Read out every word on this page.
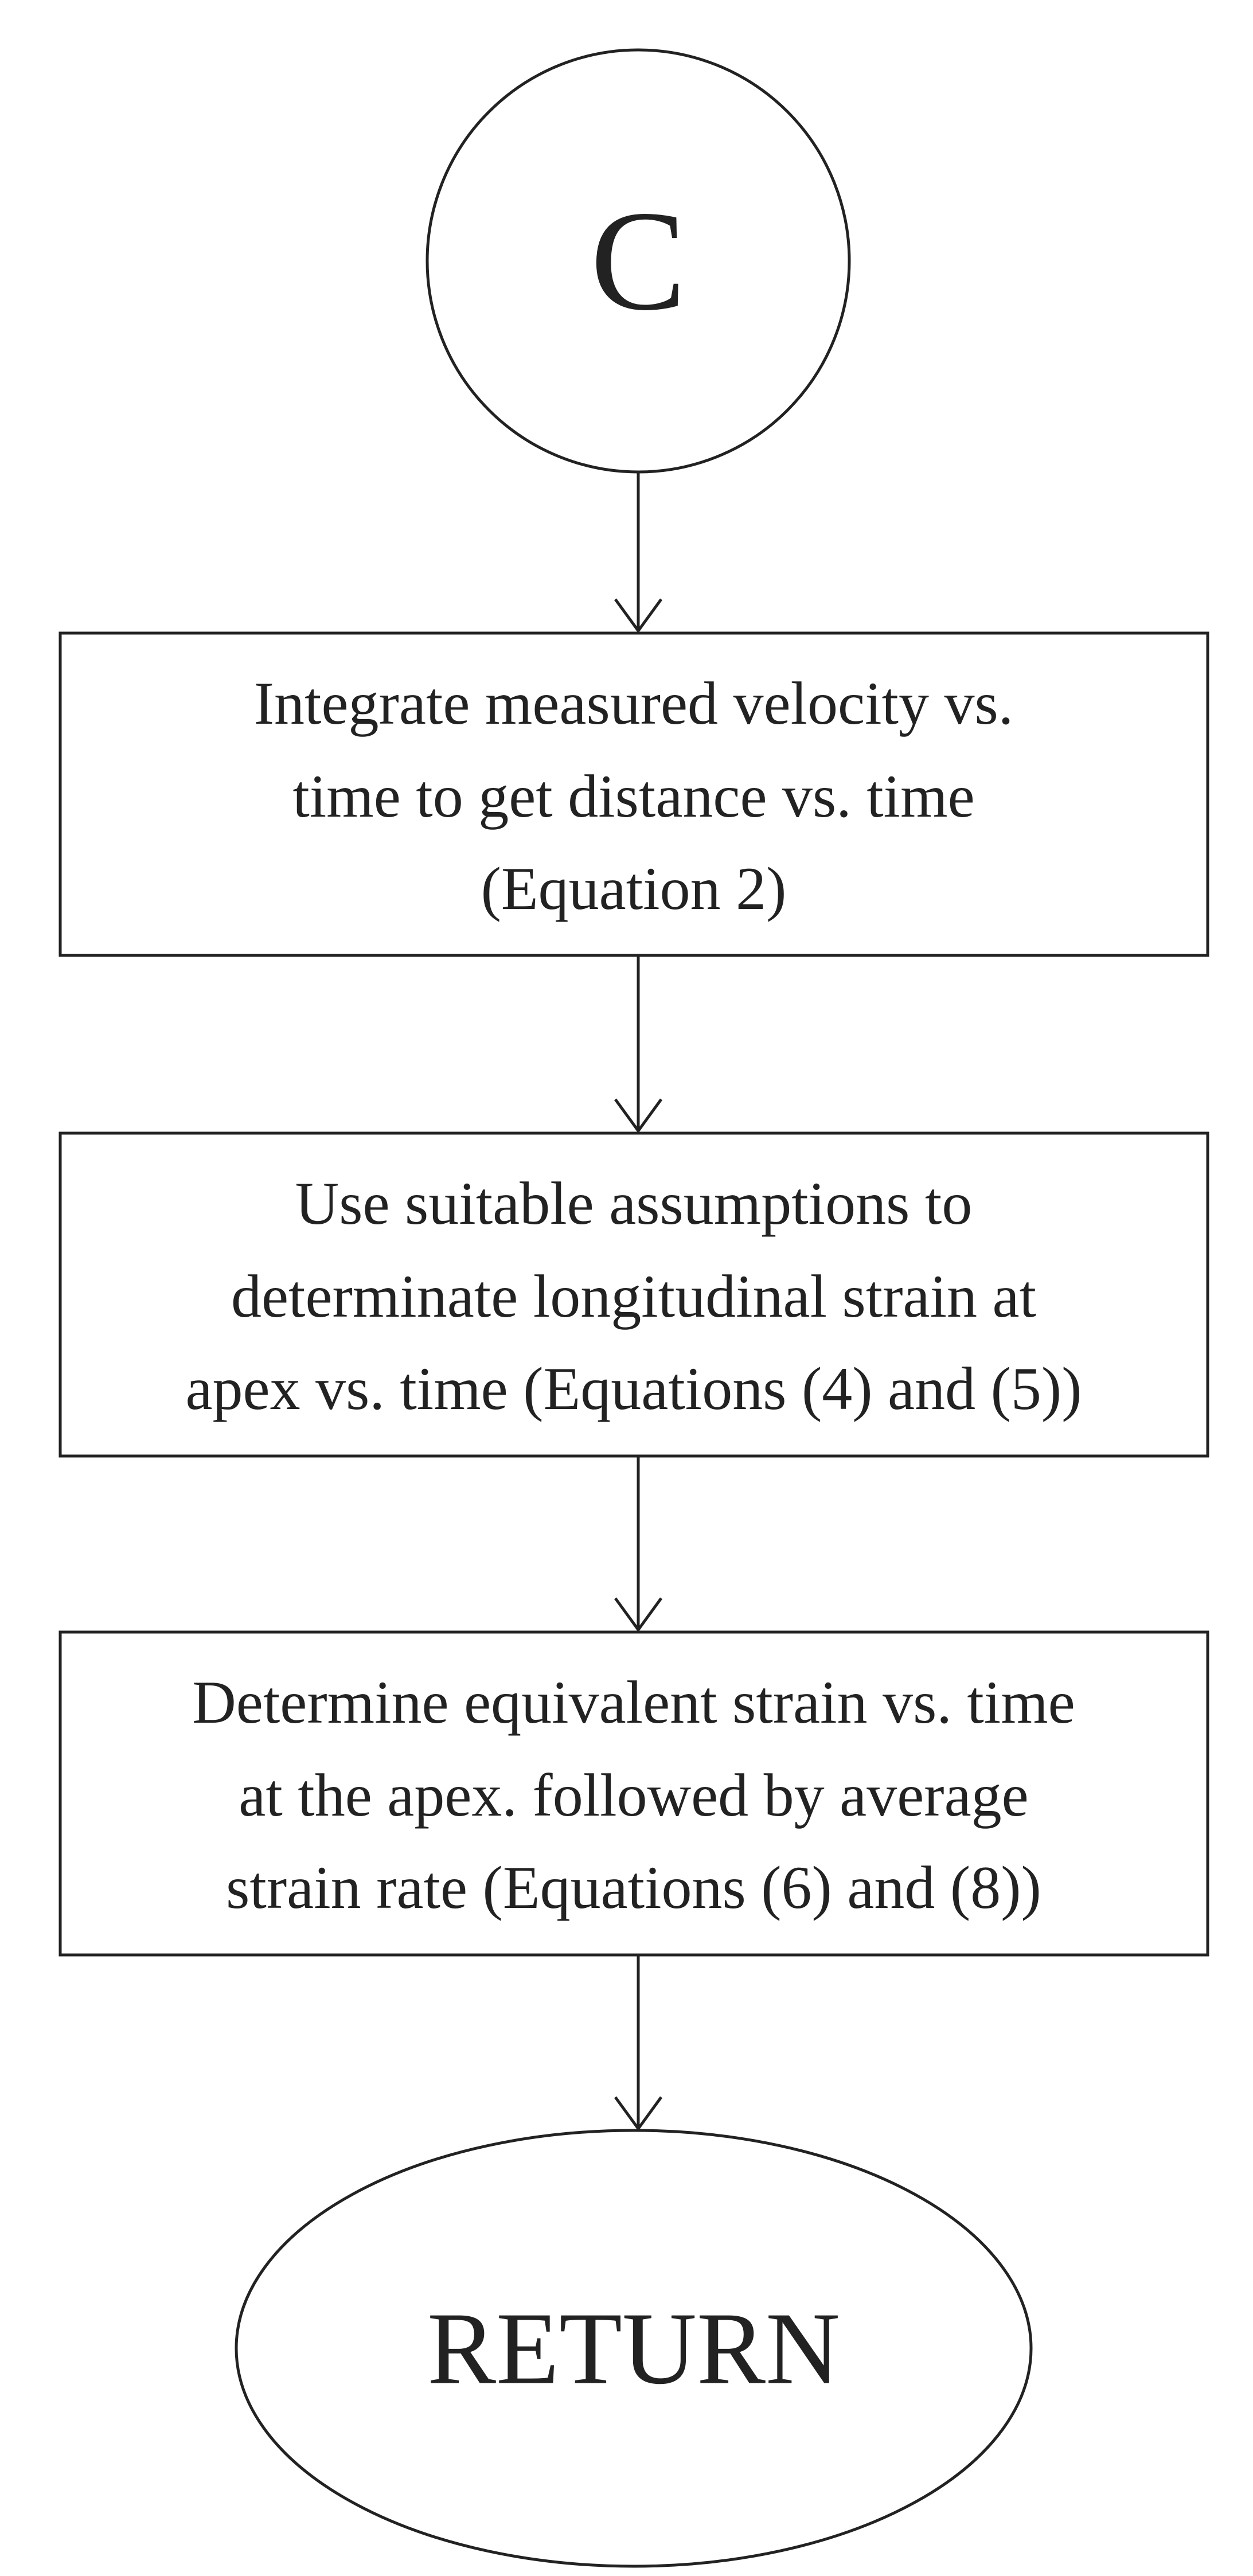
C
Integrate measured velocity vs.
time to get distance vs. time
(Equation 2)
Use suitable assumptions to
determinate longitudinal strain at
apex vs. time (Equations (4) and (5))
Determine equivalent strain vs. time
at the apex. followed by average
strain rate (Equations (6) and (8))
RETURN
